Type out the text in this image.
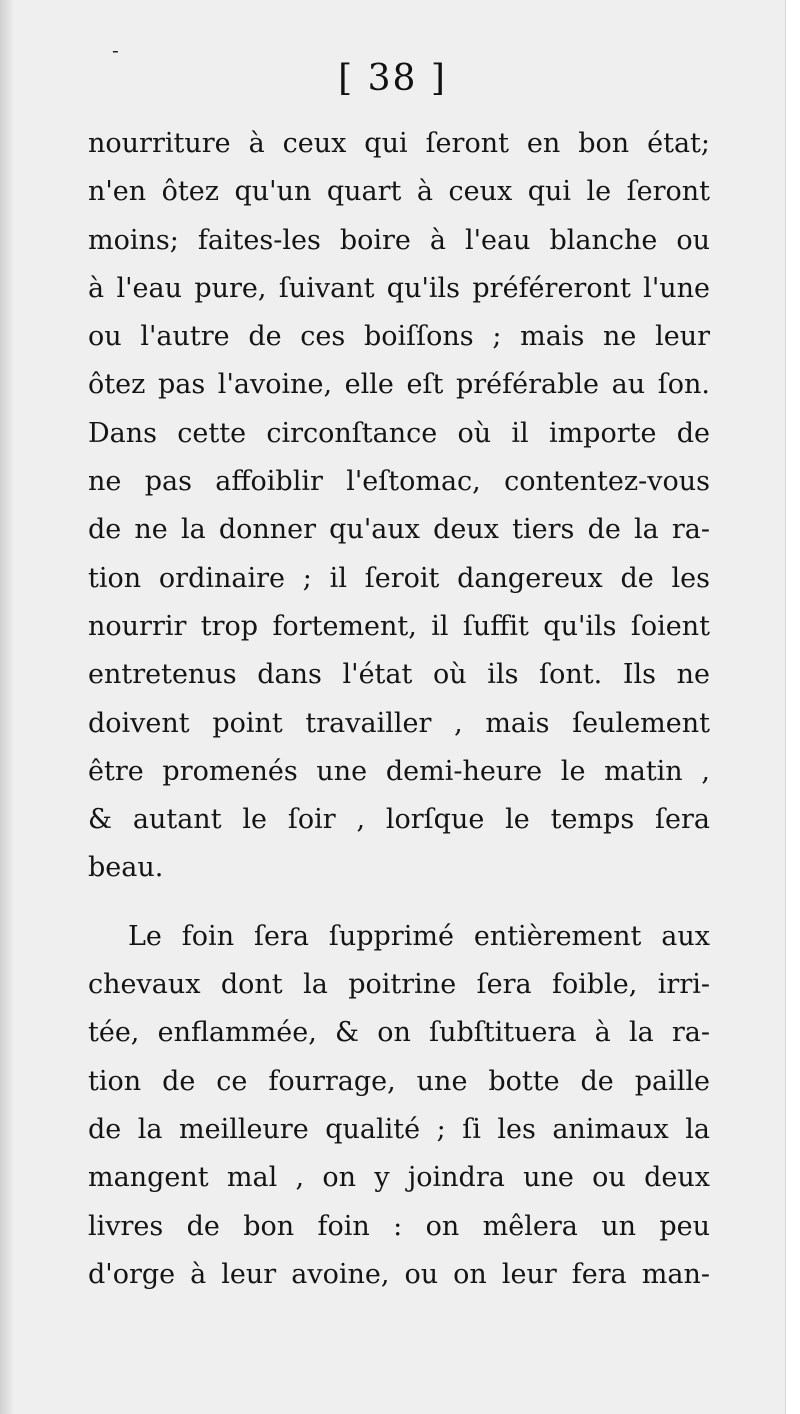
-
[ 38 ]
nourriture à ceux qui ſeront en bon état;
n'en ôtez qu'un quart à ceux qui le ſeront
moins; faites-les boire à l'eau blanche ou
à l'eau pure, ſuivant qu'ils préféreront l'une
ou l'autre de ces boiſſons ; mais ne leur
ôtez pas l'avoine, elle eſt préférable au ſon.
Dans cette circonſtance où il importe de
ne pas affoiblir l'eſtomac, contentez-vous
de ne la donner qu'aux deux tiers de la ra-
tion ordinaire ; il ſeroit dangereux de les
nourrir trop fortement, il ſuffit qu'ils ſoient
entretenus dans l'état où ils ſont. Ils ne
doivent point travailler , mais ſeulement
être promenés une demi-heure le matin ,
& autant le ſoir , lorſque le temps ſera
beau.
Le foin ſera ſupprimé entièrement aux
chevaux dont la poitrine ſera foible, irri-
tée, enflammée, & on ſubſtituera à la ra-
tion de ce fourrage, une botte de paille
de la meilleure qualité ; ſi les animaux la
mangent mal , on y joindra une ou deux
livres de bon foin : on mêlera un peu
d'orge à leur avoine, ou on leur fera man-
